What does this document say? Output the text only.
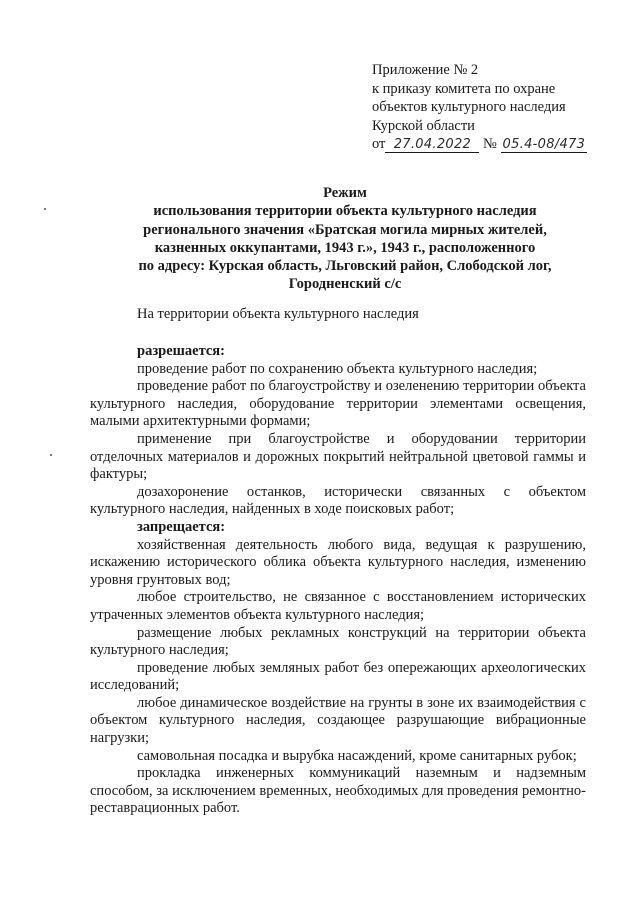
Приложение № 2
к приказу комитета по охране
объектов культурного наследия
Курской области
от 27.04.2022 № 05.4-08/473
Режим
использования территории объекта культурного наследия
регионального значения «Братская могила мирных жителей,
казненных оккупантами, 1943 г.», 1943 г., расположенного
по адресу: Курская область, Льговский район, Слободской лог,
Городненский с/с
На территории объекта культурного наследия
разрешается:

проведение работ по сохранению объекта культурного наследия;

проведение работ по благоустройству и озеленению территории объекта культурного наследия, оборудование территории элементами освещения, малыми архитектурными формами;

применение при благоустройстве и оборудовании территории отделочных материалов и дорожных покрытий нейтральной цветовой гаммы и фактуры;

дозахоронение останков, исторически связанных с объектом культурного наследия, найденных в ходе поисковых работ;

запрещается:

хозяйственная деятельность любого вида, ведущая к разрушению, искажению исторического облика объекта культурного наследия, изменению уровня грунтовых вод;

любое строительство, не связанное с восстановлением исторических утраченных элементов объекта культурного наследия;

размещение любых рекламных конструкций на территории объекта культурного наследия;

проведение любых земляных работ без опережающих археологических исследований;

любое динамическое воздействие на грунты в зоне их взаимодействия с объектом культурного наследия, создающее разрушающие вибрационные нагрузки;

самовольная посадка и вырубка насаждений, кроме санитарных рубок;

прокладка инженерных коммуникаций наземным и надземным способом, за исключением временных, необходимых для проведения ремонтно-реставрационных работ.
